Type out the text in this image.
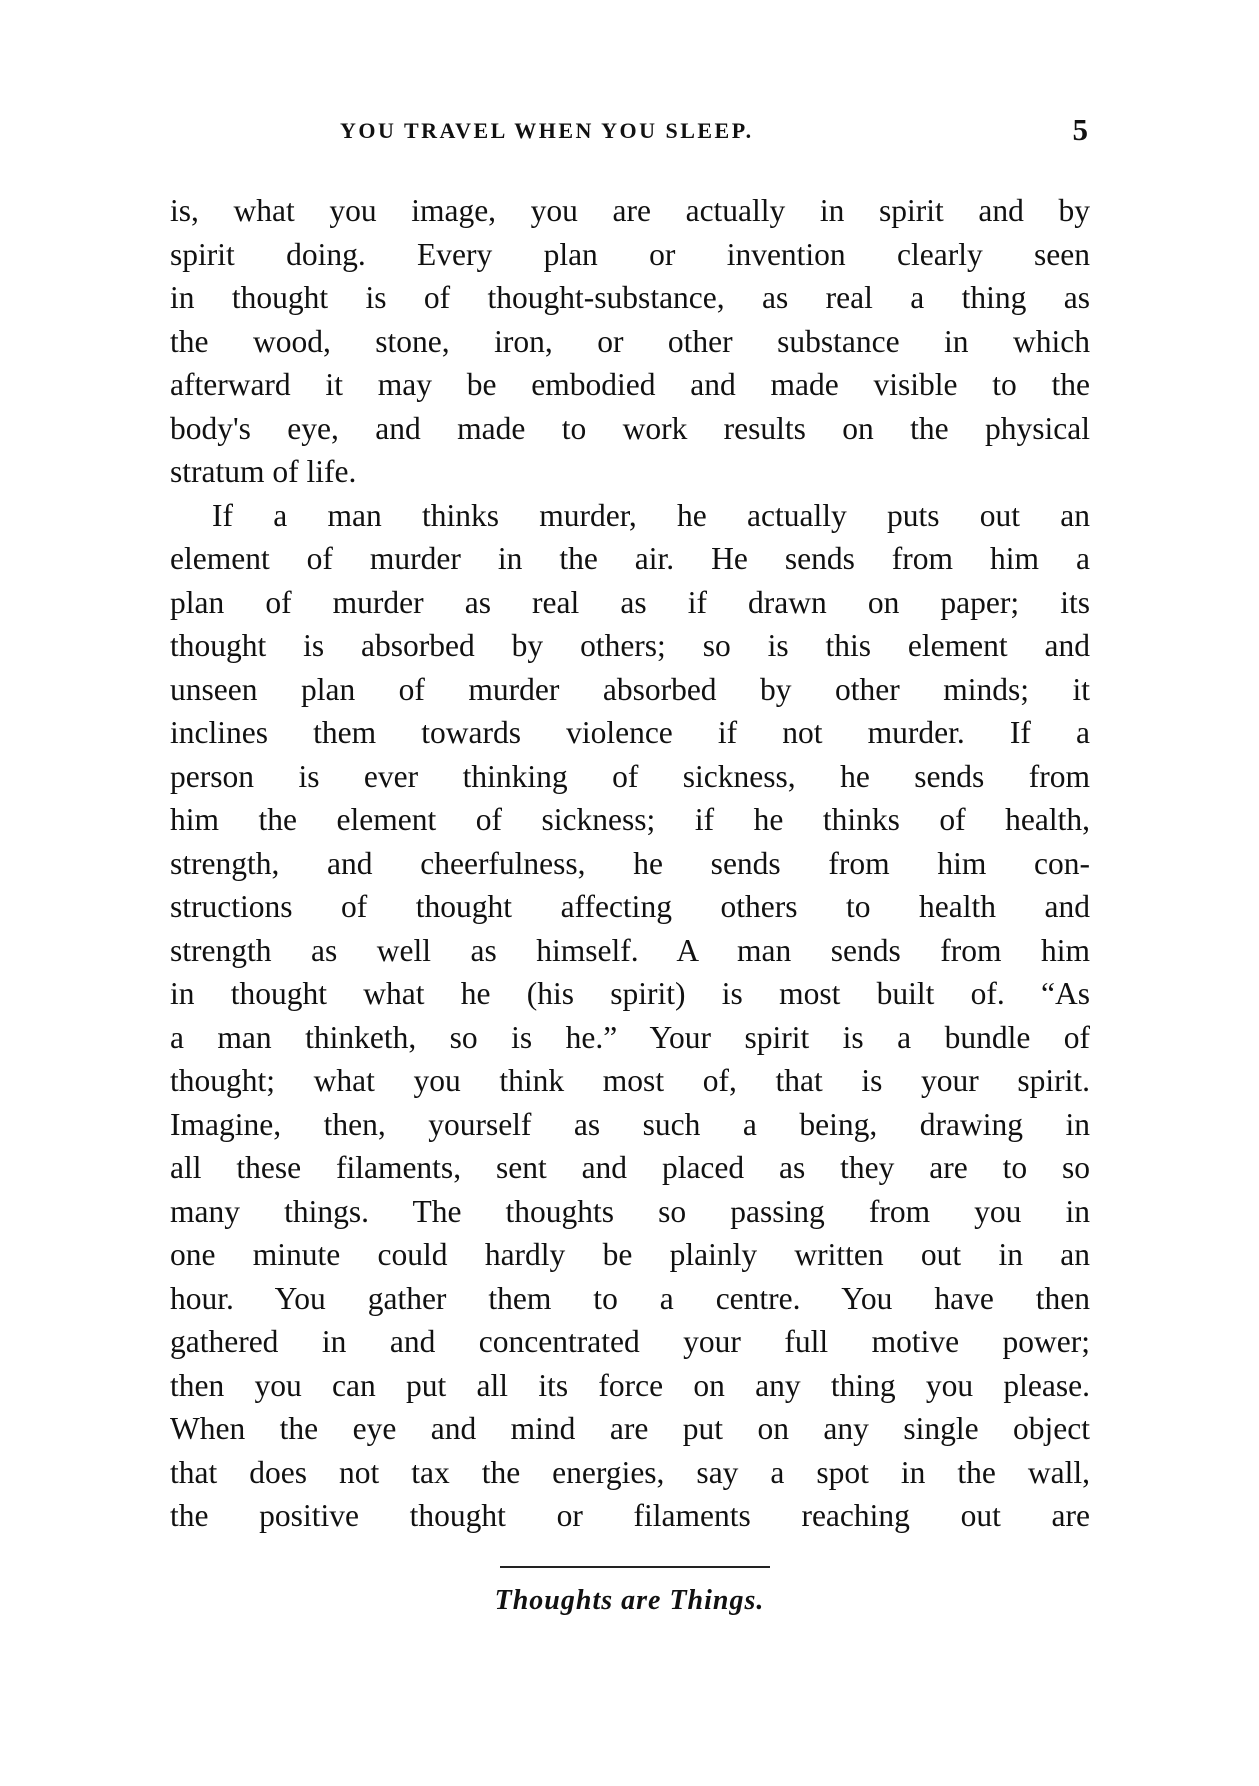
YOU TRAVEL WHEN YOU SLEEP.	5
is, what you image, you are actually in spirit and by
spirit doing. Every plan or invention clearly seen
in thought is of thought-substance, as real a thing as
the wood, stone, iron, or other substance in which
afterward it may be embodied and made visible to the
body's eye, and made to work results on the physical
stratum of life.
If a man thinks murder, he actually puts out an
element of murder in the air. He sends from him a
plan of murder as real as if drawn on paper; its
thought is absorbed by others; so is this element and
unseen plan of murder absorbed by other minds; it
inclines them towards violence if not murder. If a
person is ever thinking of sickness, he sends from
him the element of sickness; if he thinks of health,
strength, and cheerfulness, he sends from him con-
structions of thought affecting others to health and
strength as well as himself. A man sends from him
in thought what he (his spirit) is most built of. “As
a man thinketh, so is he.” Your spirit is a bundle of
thought; what you think most of, that is your spirit.
Imagine, then, yourself as such a being, drawing in
all these filaments, sent and placed as they are to so
many things. The thoughts so passing from you in
one minute could hardly be plainly written out in an
hour. You gather them to a centre. You have then
gathered in and concentrated your full motive power;
then you can put all its force on any thing you please.
When the eye and mind are put on any single object
that does not tax the energies, say a spot in the wall,
the positive thought or filaments reaching out are
Thoughts are Things.
